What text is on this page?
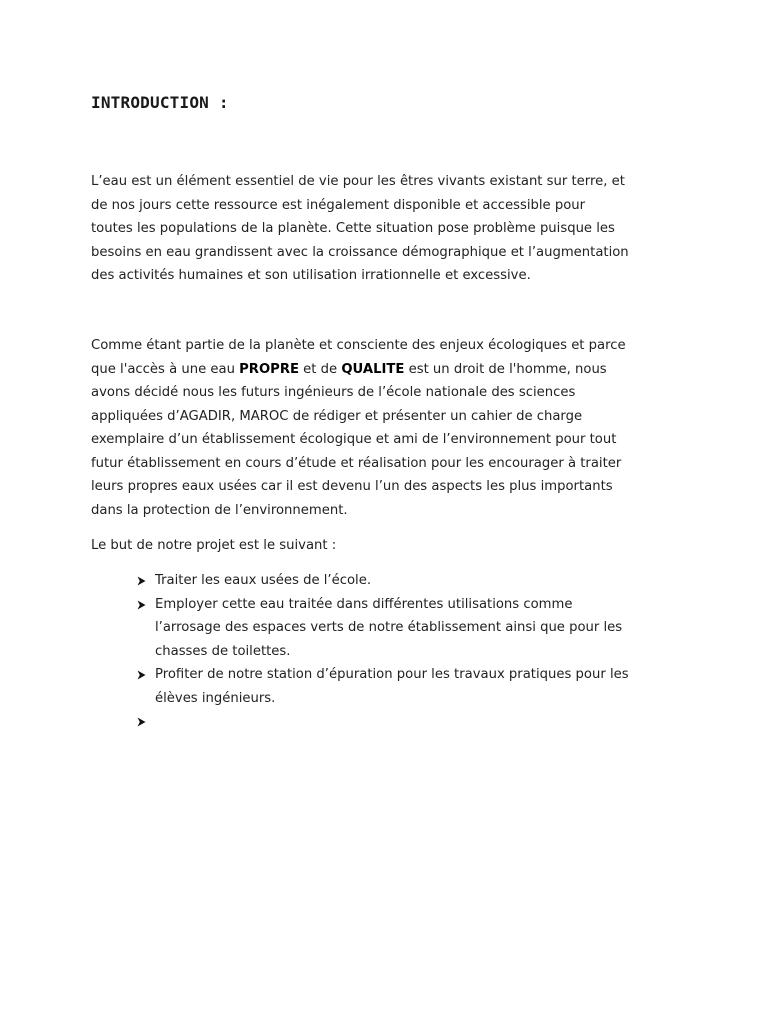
INTRODUCTION :

L’eau est un élément essentiel de vie pour les êtres vivants existant sur terre, et
de nos jours cette ressource est inégalement disponible et accessible pour
toutes les populations de la planète. Cette situation pose problème puisque les
besoins en eau grandissent avec la croissance démographique et l’augmentation
des activités humaines et son utilisation irrationnelle et excessive.

Comme étant partie de la planète et consciente des enjeux écologiques et parce
que l'accès à une eau PROPRE et de QUALITE est un droit de l'homme, nous
avons décidé nous les futurs ingénieurs de l’école nationale des sciences
appliquées d’AGADIR, MAROC de rédiger et présenter un cahier de charge
exemplaire d’un établissement écologique et ami de l’environnement pour tout
futur établissement en cours d’étude et réalisation pour les encourager à traiter
leurs propres eaux usées car il est devenu l’un des aspects les plus importants
dans la protection de l’environnement.

Le but de notre projet est le suivant :

Traiter les eaux usées de l’école.
Employer cette eau traitée dans différentes utilisations comme
l’arrosage des espaces verts de notre établissement ainsi que pour les
chasses de toilettes.
Profiter de notre station d’épuration pour les travaux pratiques pour les
élèves ingénieurs.
